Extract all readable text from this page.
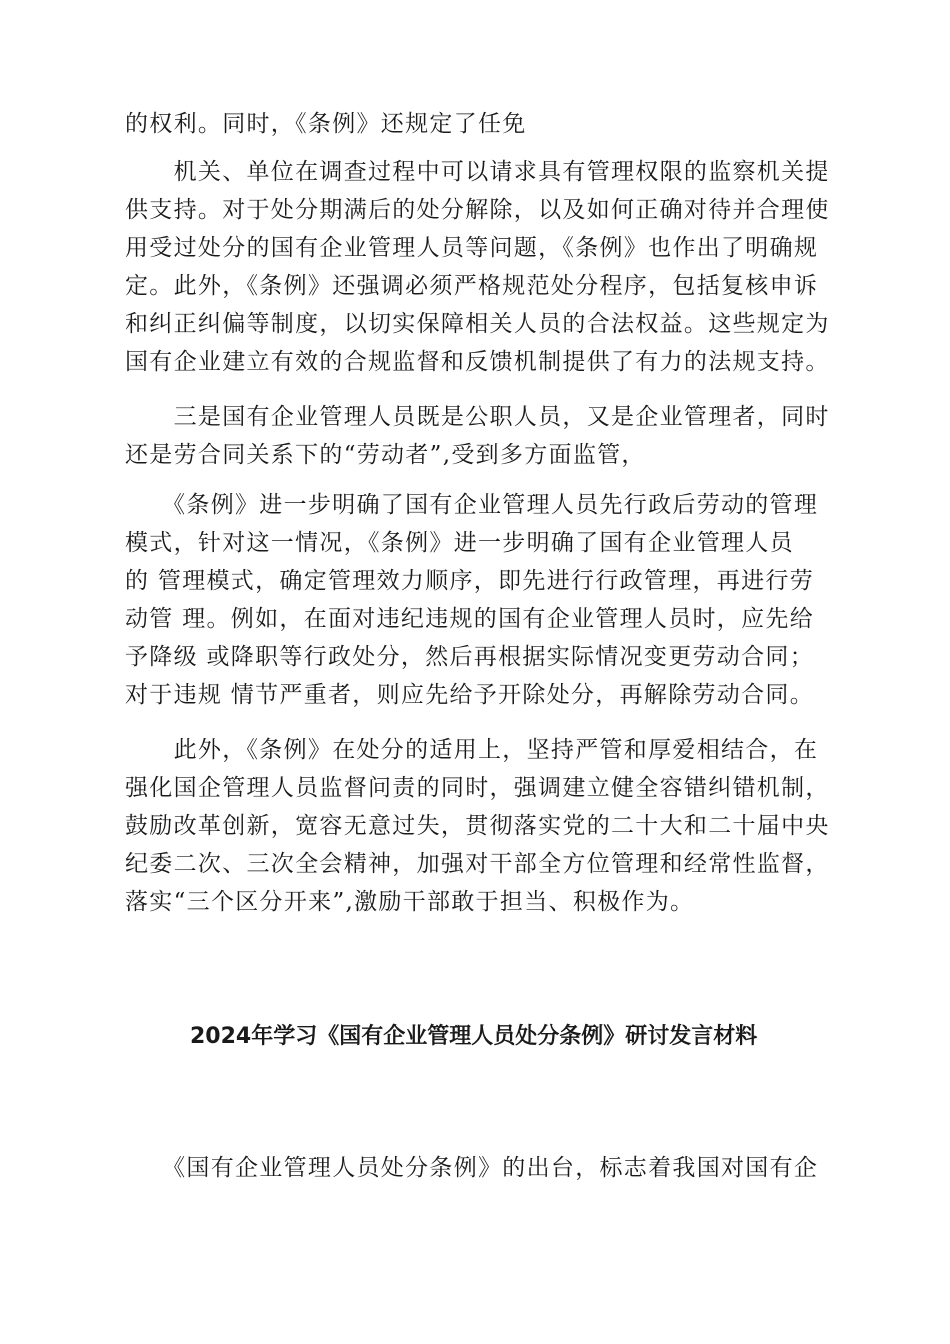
的权利。同时，《条例》还规定了任免
　　机关、单位在调查过程中可以请求具有管理权限的监察机关提
供支持。对于处分期满后的处分解除，以及如何正确对待并合理使
用受过处分的国有企业管理人员等问题，《条例》也作出了明确规
定。此外，《条例》还强调必须严格规范处分程序，包括复核申诉
和纠正纠偏等制度，以切实保障相关人员的合法权益。这些规定为
国有企业建立有效的合规监督和反馈机制提供了有力的法规支持。
　　三是国有企业管理人员既是公职人员，又是企业管理者，同时
还是劳合同关系下的“劳动者”,受到多方面监管，
　　《条例》进一步明确了国有企业管理人员先行政后劳动的管理
模式，针对这一情况，《条例》进一步明确了国有企业管理人员
的 管理模式，确定管理效力顺序，即先进行行政管理，再进行劳
动管 理。例如，在面对违纪违规的国有企业管理人员时，应先给
予降级 或降职等行政处分，然后再根据实际情况变更劳动合同；
对于违规 情节严重者，则应先给予开除处分，再解除劳动合同。
　　此外，《条例》在处分的适用上，坚持严管和厚爱相结合，在
强化国企管理人员监督问责的同时，强调建立健全容错纠错机制，
鼓励改革创新，宽容无意过失，贯彻落实党的二十大和二十届中央
纪委二次、三次全会精神，加强对干部全方位管理和经常性监督，
落实“三个区分开来”,激励干部敢于担当、积极作为。
2024年学习《国有企业管理人员处分条例》研讨发言材料
　　《国有企业管理人员处分条例》的出台，标志着我国对国有企
